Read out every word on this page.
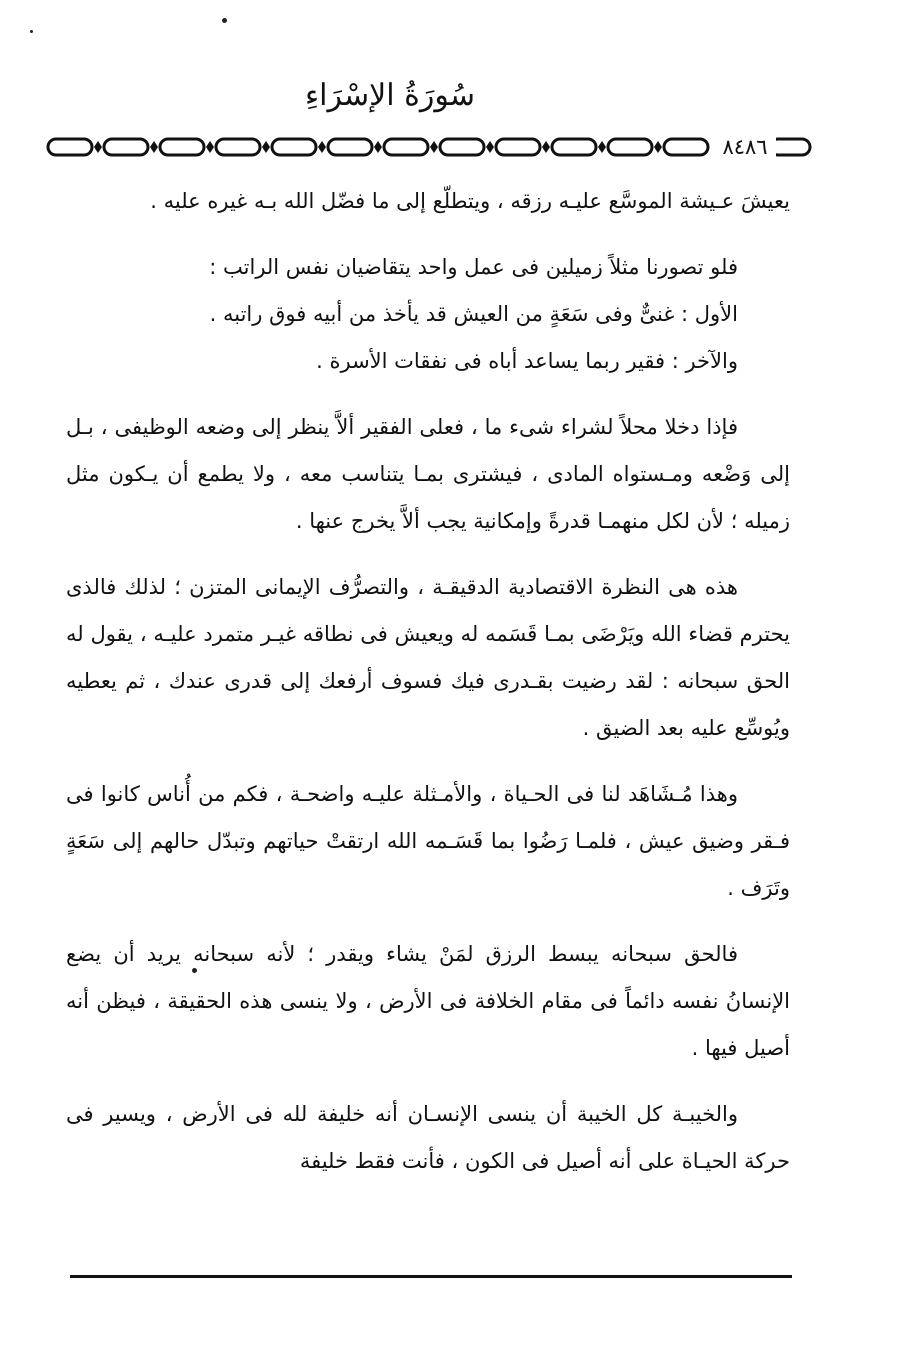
سُورَةُ الإسْرَاءِ
٨٤٨٦

يعيشَ عـيشة الموسَّع عليـه رزقه ، ويتطلّع إلى ما فضّل الله بـه غيره عليه .

فلو تصورنا مثلاً زميلين فى عمل واحد يتقاضيان نفس الراتب :

الأول : غنىٌّ وفى سَعَةٍ من العيش قد يأخذ من أبيه فوق راتبه .

والآخر : فقير ربما يساعد أباه فى نفقات الأسرة .

فإذا دخلا محلاً لشراء شىء ما ، فعلى الفقير ألاَّ ينظر إلى وضعه الوظيفى ، بـل إلى وَضْعه ومـستواه المادى ، فيشترى بمـا يتناسب معه ، ولا يطمع أن يـكون مثل زميله ؛ لأن لكل منهمـا قدرةً وإمكانية يجب ألاَّ يخرج عنها .

هذه هى النظرة الاقتصادية الدقيقـة ، والتصرُّف الإيمانى المتزن ؛ لذلك فالذى يحترم قضاء الله ويَرْضَى بمـا قَسَمه له ويعيش فى نطاقه غيـر متمرد عليـه ، يقول له الحق سبحانه : لقد رضيت بقـدرى فيك فسوف أرفعك إلى قدرى عندك ، ثم يعطيه ويُوسِّع عليه بعد الضيق .

وهذا مُـشَاهَد لنا فى الحـياة ، والأمـثلة عليـه واضحـة ، فكم من أُناس كانوا فى فـقر وضيق عيش ، فلمـا رَضُوا بما قَسَـمه الله ارتقتْ حياتهم وتبدّل حالهم إلى سَعَةٍ وتَرَف .

فالحق سبحانه يبسط الرزق لمَنْ يشاء ويقدر ؛ لأنه سبحانه يريد أن يضع الإنسانُ نفسه دائماً فى مقام الخلافة فى الأرض ، ولا ينسى هذه الحقيقة ، فيظن أنه أصيل فيها .

والخيبـة كل الخيبة أن ينسى الإنسـان أنه خليفة لله فى الأرض ، ويسير فى حركة الحيـاة على أنه أصيل فى الكون ، فأنت فقط خليفة
